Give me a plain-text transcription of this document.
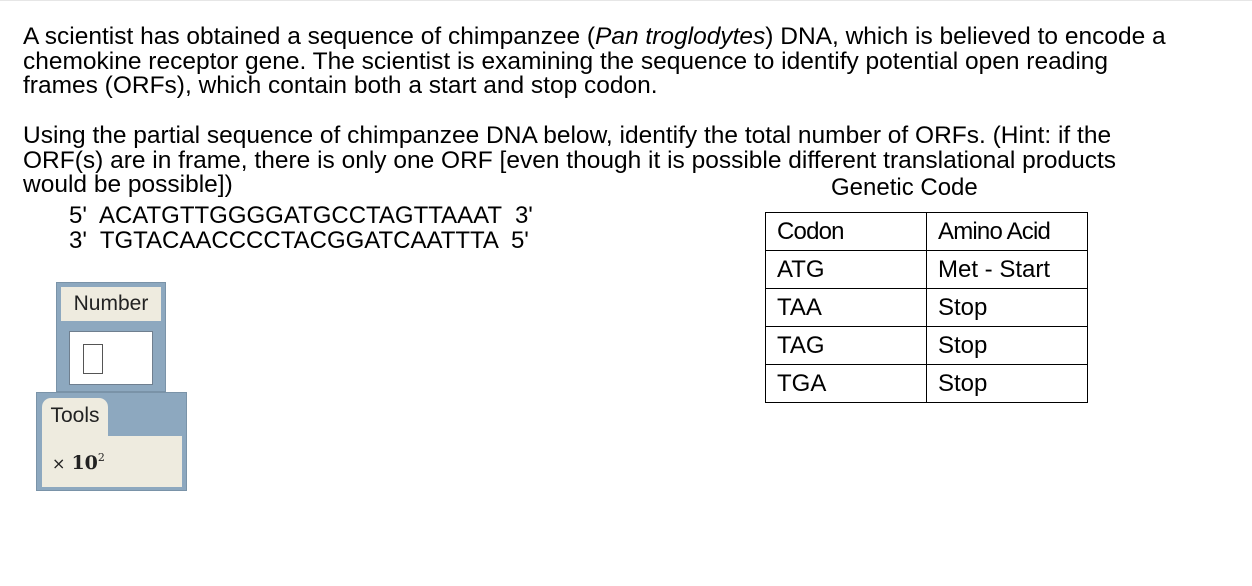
A scientist has obtained a sequence of chimpanzee (Pan troglodytes) DNA, which is believed to encode a
chemokine receptor gene. The scientist is examining the sequence to identify potential open reading
frames (ORFs), which contain both a start and stop codon.

Using the partial sequence of chimpanzee DNA below, identify the total number of ORFs. (Hint: if the
ORF(s) are in frame, there is only one ORF [even though it is possible different translational products
would be possible])

5'  ACATGTTGGGGATGCCTAGTTAAAT  3'
3'  TGTACAACCCCTACGGATCAATTTA  5'
Genetic Code
Codon	Amino Acid
ATG	Met - Start
TAA	Stop
TAG	Stop
TGA	Stop
Number
Tools
× $10^2$
